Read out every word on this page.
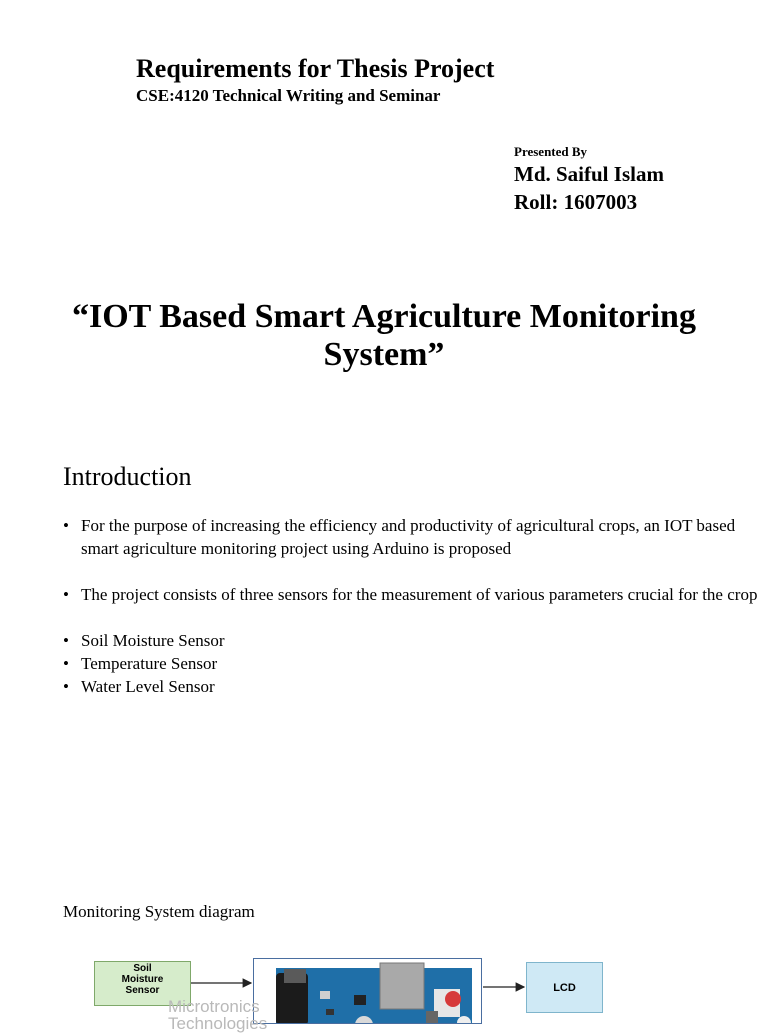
Requirements for Thesis Project
CSE:4120 Technical Writing and Seminar
Presented By
Md. Saiful Islam
Roll: 1607003
“IOT Based Smart Agriculture Monitoring
System”
Introduction
• For the purpose of increasing the efficiency and productivity of agricultural crops, an IOT based smart agriculture monitoring project using Arduino is proposed
• The project consists of three sensors for the measurement of various parameters crucial for the crop
• Soil Moisture Sensor
• Temperature Sensor
• Water Level Sensor
Monitoring System diagram
Soil
Moisture
Sensor
Microtronics
Technologies
LCD
